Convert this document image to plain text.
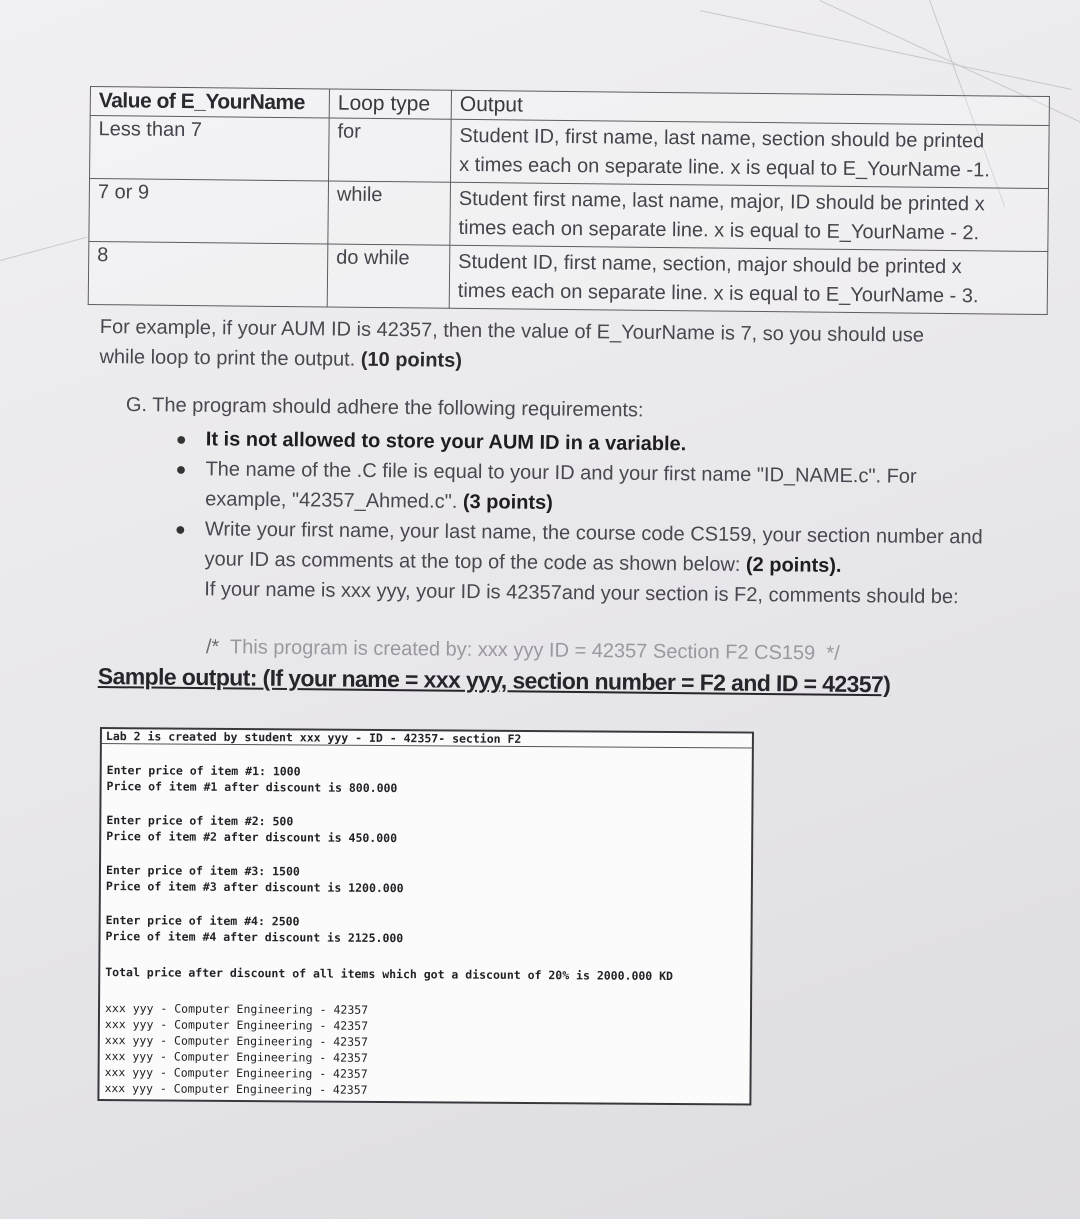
Value of E_YourName	Loop type	Output
Less than 7	for	Student ID, first name, last name, section should be printed
x times each on separate line. x is equal to E_YourName -1.

7 or 9	while	Student first name, last name, major, ID should be printed x
times each on separate line. x is equal to E_YourName - 2.

8	do while	Student ID, first name, section, major should be printed x
times each on separate line. x is equal to E_YourName - 3.
For example, if your AUM ID is 42357, then the value of E_YourName is 7, so you should use
while loop to print the output. (10 points)
G. The program should adhere the following requirements:
● It is not allowed to store your AUM ID in a variable.
● The name of the .C file is equal to your ID and your first name "ID_NAME.c". For example, "42357_Ahmed.c". (3 points)
● Write your first name, your last name, the course code CS159, your section number and your ID as comments at the top of the code as shown below: (2 points).
If your name is xxx yyy, your ID is 42357and your section is F2, comments should be:
/* This program is created by: xxx yyy ID = 42357 Section F2 CS159 */
Sample output: (If your name = xxx yyy, section number = F2 and ID = 42357)
Lab 2 is created by student xxx yyy - ID - 42357- section F2
Enter price of item #1: 1000
Price of item #1 after discount is 800.000
Enter price of item #2: 500
Price of item #2 after discount is 450.000
Enter price of item #3: 1500
Price of item #3 after discount is 1200.000
Enter price of item #4: 2500
Price of item #4 after discount is 2125.000
Total price after discount of all items which got a discount of 20% is 2000.000 KD
xxx yyy - Computer Engineering - 42357
xxx yyy - Computer Engineering - 42357
xxx yyy - Computer Engineering - 42357
xxx yyy - Computer Engineering - 42357
xxx yyy - Computer Engineering - 42357
xxx yyy - Computer Engineering - 42357
